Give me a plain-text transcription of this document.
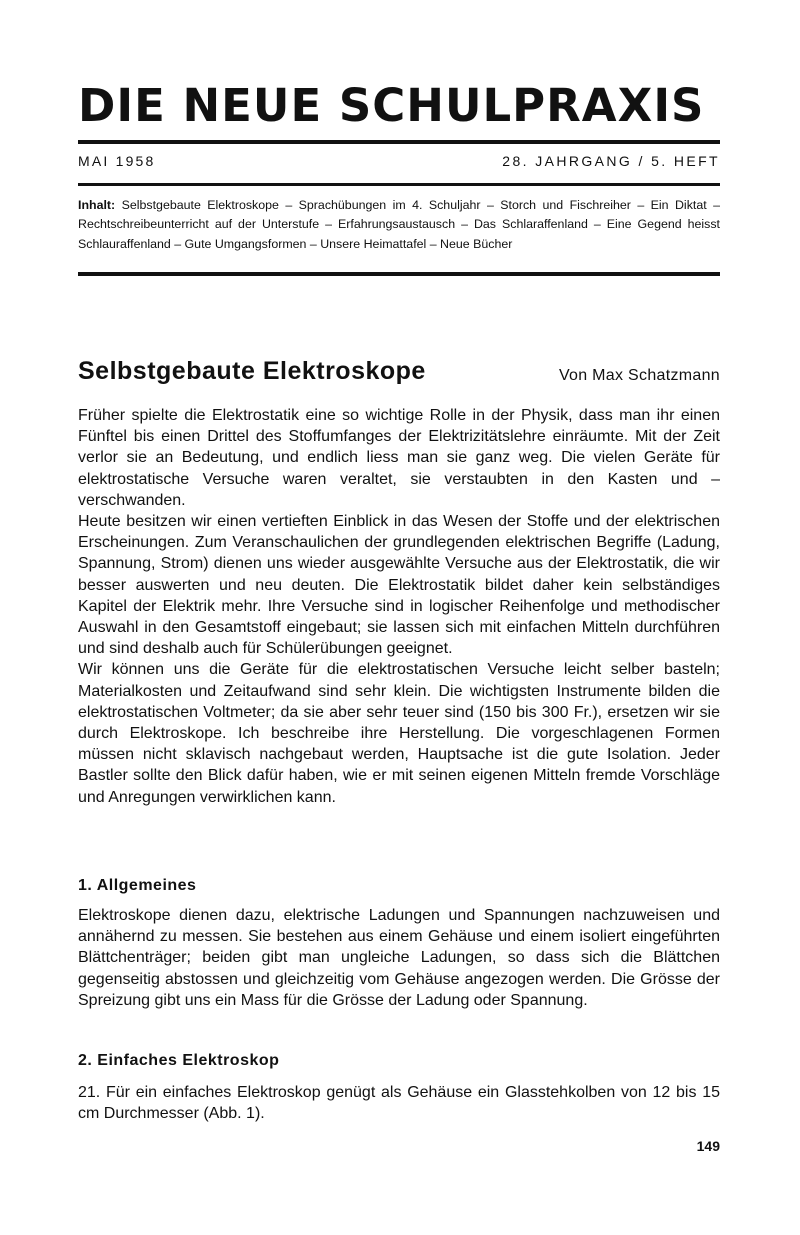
DIE NEUE SCHULPRAXIS
MAI 1958	28. JAHRGANG / 5. HEFT
Inhalt: Selbstgebaute Elektroskope – Sprachübungen im 4. Schuljahr – Storch und Fischreiher – Ein Diktat – Rechtschreibeunterricht auf der Unterstufe – Erfahrungsaustausch – Das Schlaraffenland – Eine Gegend heisst Schlauraffenland – Gute Umgangsformen – Unsere Heimattafel – Neue Bücher
Selbstgebaute Elektroskope	Von Max Schatzmann

Früher spielte die Elektrostatik eine so wichtige Rolle in der Physik, dass man ihr einen Fünftel bis einen Drittel des Stoffumfanges der Elektrizitätslehre einräumte. Mit der Zeit verlor sie an Bedeutung, und endlich liess man sie ganz weg. Die vielen Geräte für elektrostatische Versuche waren veraltet, sie verstaubten in den Kasten und – verschwanden.

Heute besitzen wir einen vertieften Einblick in das Wesen der Stoffe und der elektrischen Erscheinungen. Zum Veranschaulichen der grundlegenden elektrischen Begriffe (Ladung, Spannung, Strom) dienen uns wieder ausgewählte Versuche aus der Elektrostatik, die wir besser auswerten und neu deuten. Die Elektrostatik bildet daher kein selbständiges Kapitel der Elektrik mehr. Ihre Versuche sind in logischer Reihenfolge und methodischer Auswahl in den Gesamtstoff eingebaut; sie lassen sich mit einfachen Mitteln durchführen und sind deshalb auch für Schülerübungen geeignet.

Wir können uns die Geräte für die elektrostatischen Versuche leicht selber basteln; Materialkosten und Zeitaufwand sind sehr klein. Die wichtigsten Instrumente bilden die elektrostatischen Voltmeter; da sie aber sehr teuer sind (150 bis 300 Fr.), ersetzen wir sie durch Elektroskope. Ich beschreibe ihre Herstellung. Die vorgeschlagenen Formen müssen nicht sklavisch nachgebaut werden, Hauptsache ist die gute Isolation. Jeder Bastler sollte den Blick dafür haben, wie er mit seinen eigenen Mitteln fremde Vorschläge und Anregungen verwirklichen kann.

1. Allgemeines

Elektroskope dienen dazu, elektrische Ladungen und Spannungen nachzuweisen und annähernd zu messen. Sie bestehen aus einem Gehäuse und einem isoliert eingeführten Blättchenträger; beiden gibt man ungleiche Ladungen, so dass sich die Blättchen gegenseitig abstossen und gleichzeitig vom Gehäuse angezogen werden. Die Grösse der Spreizung gibt uns ein Mass für die Grösse der Ladung oder Spannung.

2. Einfaches Elektroskop

21. Für ein einfaches Elektroskop genügt als Gehäuse ein Glasstehkolben von 12 bis 15 cm Durchmesser (Abb. 1).

149
